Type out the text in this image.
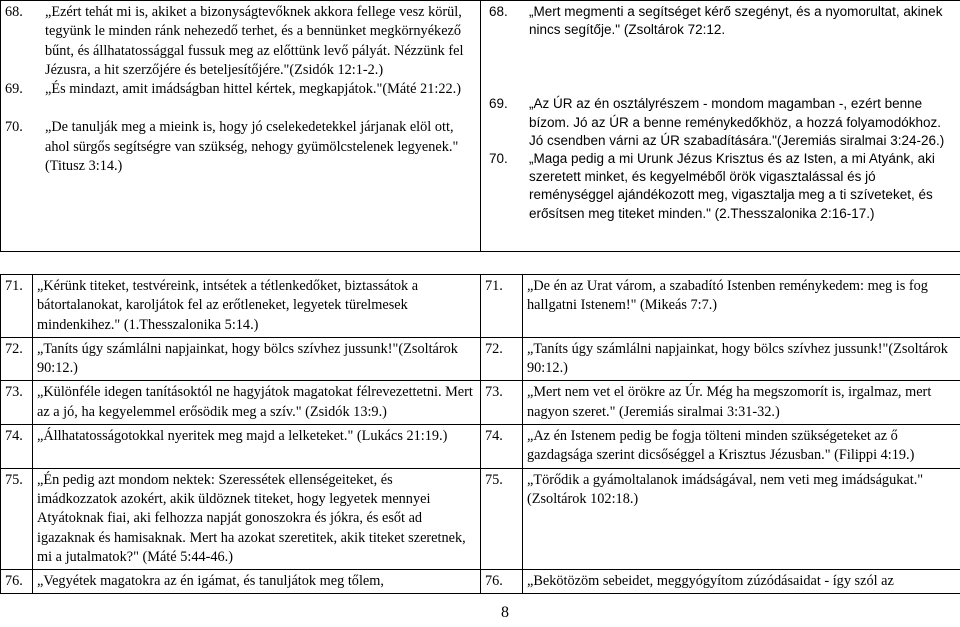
68.	„Ezért tehát mi is, akiket a bizonyságtevőknek akkora fellege vesz körül, tegyünk le minden ránk nehezedő terhet, és a bennünket megkörnyékező bűnt, és állhatatossággal fussuk meg az előttünk levő pályát. Nézzünk fel Jézusra, a hit szerzőjére és beteljesítőjére."(Zsidók 12:1-2.)
69.	„És mindazt, amit imádságban hittel kértek, megkapjátok."(Máté 21:22.)
70.	„De tanulják meg a mieink is, hogy jó cselekedetekkel járjanak elöl ott, ahol sürgős segítségre van szükség, nehogy gyümölcstelenek legyenek." (Titusz 3:14.)

68.	„Mert megmenti a segítséget kérő szegényt, és a nyomorultat, akinek nincs segítője." (Zsoltárok 72:12.
69.	„Az ÚR az én osztályrészem - mondom magamban -, ezért benne bízom. Jó az ÚR a benne reménykedőkhöz, a hozzá folyamodókhoz. Jó csendben várni az ÚR szabadítására."(Jeremiás siralmai 3:24-26.)
70.	„Maga pedig a mi Urunk Jézus Krisztus és az Isten, a mi Atyánk, aki szeretett minket, és kegyelméből örök vigasztalással és jó reménységgel ajándékozott meg, vigasztalja meg a ti szíveteket, és erősítsen meg titeket minden." (2.Thesszalonika 2:16-17.)
71.	„Kérünk titeket, testvéreink, intsétek a tétlenkedőket, biztassátok a bátortalanokat, karoljátok fel az erőtleneket, legyetek türelmesek mindenkihez." (1.Thesszalonika 5:14.)	71.	„De én az Urat várom, a szabadító Istenben reménykedem: meg is fog hallgatni Istenem!" (Mikeás 7:7.)
72.	„Taníts úgy számlálni napjainkat, hogy bölcs szívhez jussunk!"(Zsoltárok 90:12.)	72.	„Taníts úgy számlálni napjainkat, hogy bölcs szívhez jussunk!"(Zsoltárok 90:12.)
73.	„Különféle idegen tanításoktól ne hagyjátok magatokat félrevezettetni. Mert az a jó, ha kegyelemmel erősödik meg a szív." (Zsidók 13:9.)	73.	„Mert nem vet el örökre az Úr. Még ha megszomorít is, irgalmaz, mert nagyon szeret." (Jeremiás siralmai 3:31-32.)
74.	„Állhatatosságotokkal nyeritek meg majd a lelketeket." (Lukács 21:19.)	74.	„Az én Istenem pedig be fogja tölteni minden szükségeteket az ő gazdagsága szerint dicsőséggel a Krisztus Jézusban." (Filippi 4:19.)
75.	„Én pedig azt mondom nektek: Szeressétek ellenségeiteket, és imádkozzatok azokért, akik üldöznek titeket, hogy legyetek mennyei Atyátoknak fiai, aki felhozza napját gonoszokra és jókra, és esőt ad igazaknak és hamisaknak. Mert ha azokat szeretitek, akik titeket szeretnek, mi a jutalmatok?" (Máté 5:44-46.)	75.	„Törődik a gyámoltalanok imádságával, nem veti meg imádságukat." (Zsoltárok 102:18.)
76.	„Vegyétek magatokra az én igámat, és tanuljátok meg tőlem,	76.	„Bekötözöm sebeidet, meggyógyítom zúzódásaidat - így szól az
8
